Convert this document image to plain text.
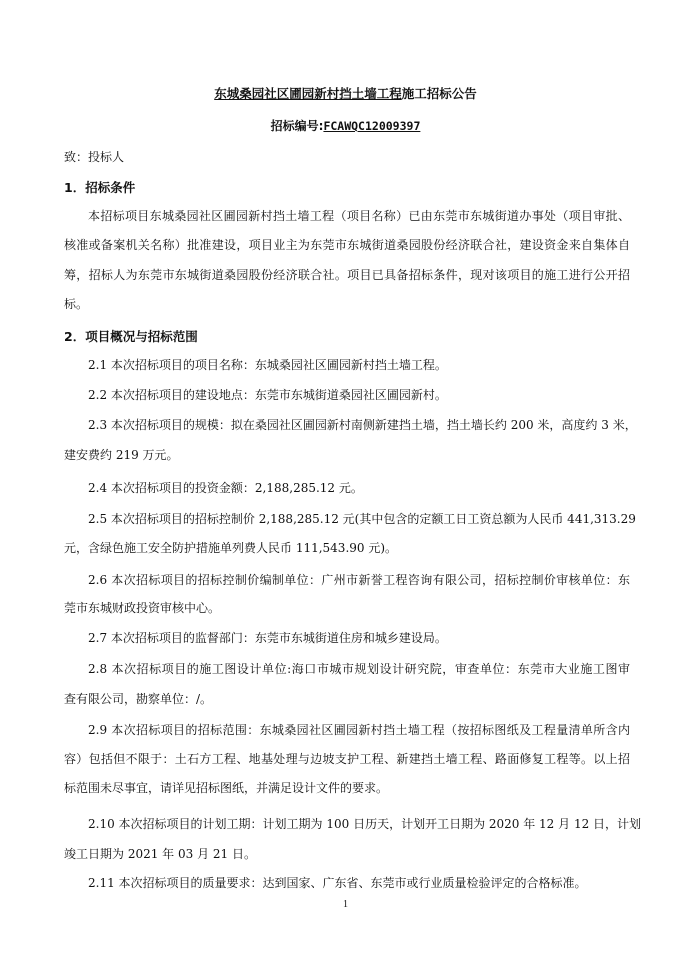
东城桑园社区圃园新村挡土墙工程施工招标公告
招标编号:FCAWQC12009397
致：投标人
1．招标条件
本招标项目东城桑园社区圃园新村挡土墙工程（项目名称）已由东莞市东城街道办事处（项目审批、
核准或备案机关名称）批准建设，项目业主为东莞市东城街道桑园股份经济联合社，建设资金来自集体自
筹，招标人为东莞市东城街道桑园股份经济联合社。项目已具备招标条件，现对该项目的施工进行公开招
标。
2．项目概况与招标范围
2.1 本次招标项目的项目名称：东城桑园社区圃园新村挡土墙工程。
2.2 本次招标项目的建设地点：东莞市东城街道桑园社区圃园新村。
2.3 本次招标项目的规模：拟在桑园社区圃园新村南侧新建挡土墙，挡土墙长约 200 米，高度约 3 米，
建安费约 219 万元。
2.4 本次招标项目的投资金额：2,188,285.12 元。
2.5 本次招标项目的招标控制价 2,188,285.12 元(其中包含的定额工日工资总额为人民币 441,313.29
元，含绿色施工安全防护措施单列费人民币 111,543.90 元)。
2.6 本次招标项目的招标控制价编制单位：广州市新誉工程咨询有限公司，招标控制价审核单位：东
莞市东城财政投资审核中心。
2.7 本次招标项目的监督部门：东莞市东城街道住房和城乡建设局。
2.8 本次招标项目的施工图设计单位:海口市城市规划设计研究院，审查单位：东莞市大业施工图审
查有限公司，勘察单位：/。
2.9 本次招标项目的招标范围：东城桑园社区圃园新村挡土墙工程（按招标图纸及工程量清单所含内
容）包括但不限于：土石方工程、地基处理与边坡支护工程、新建挡土墙工程、路面修复工程等。以上招
标范围未尽事宜，请详见招标图纸，并满足设计文件的要求。
2.10 本次招标项目的计划工期：计划工期为 100 日历天，计划开工日期为 2020 年 12 月 12 日，计划
竣工日期为 2021 年 03 月 21 日。
2.11 本次招标项目的质量要求：达到国家、广东省、东莞市或行业质量检验评定的合格标准。
1
